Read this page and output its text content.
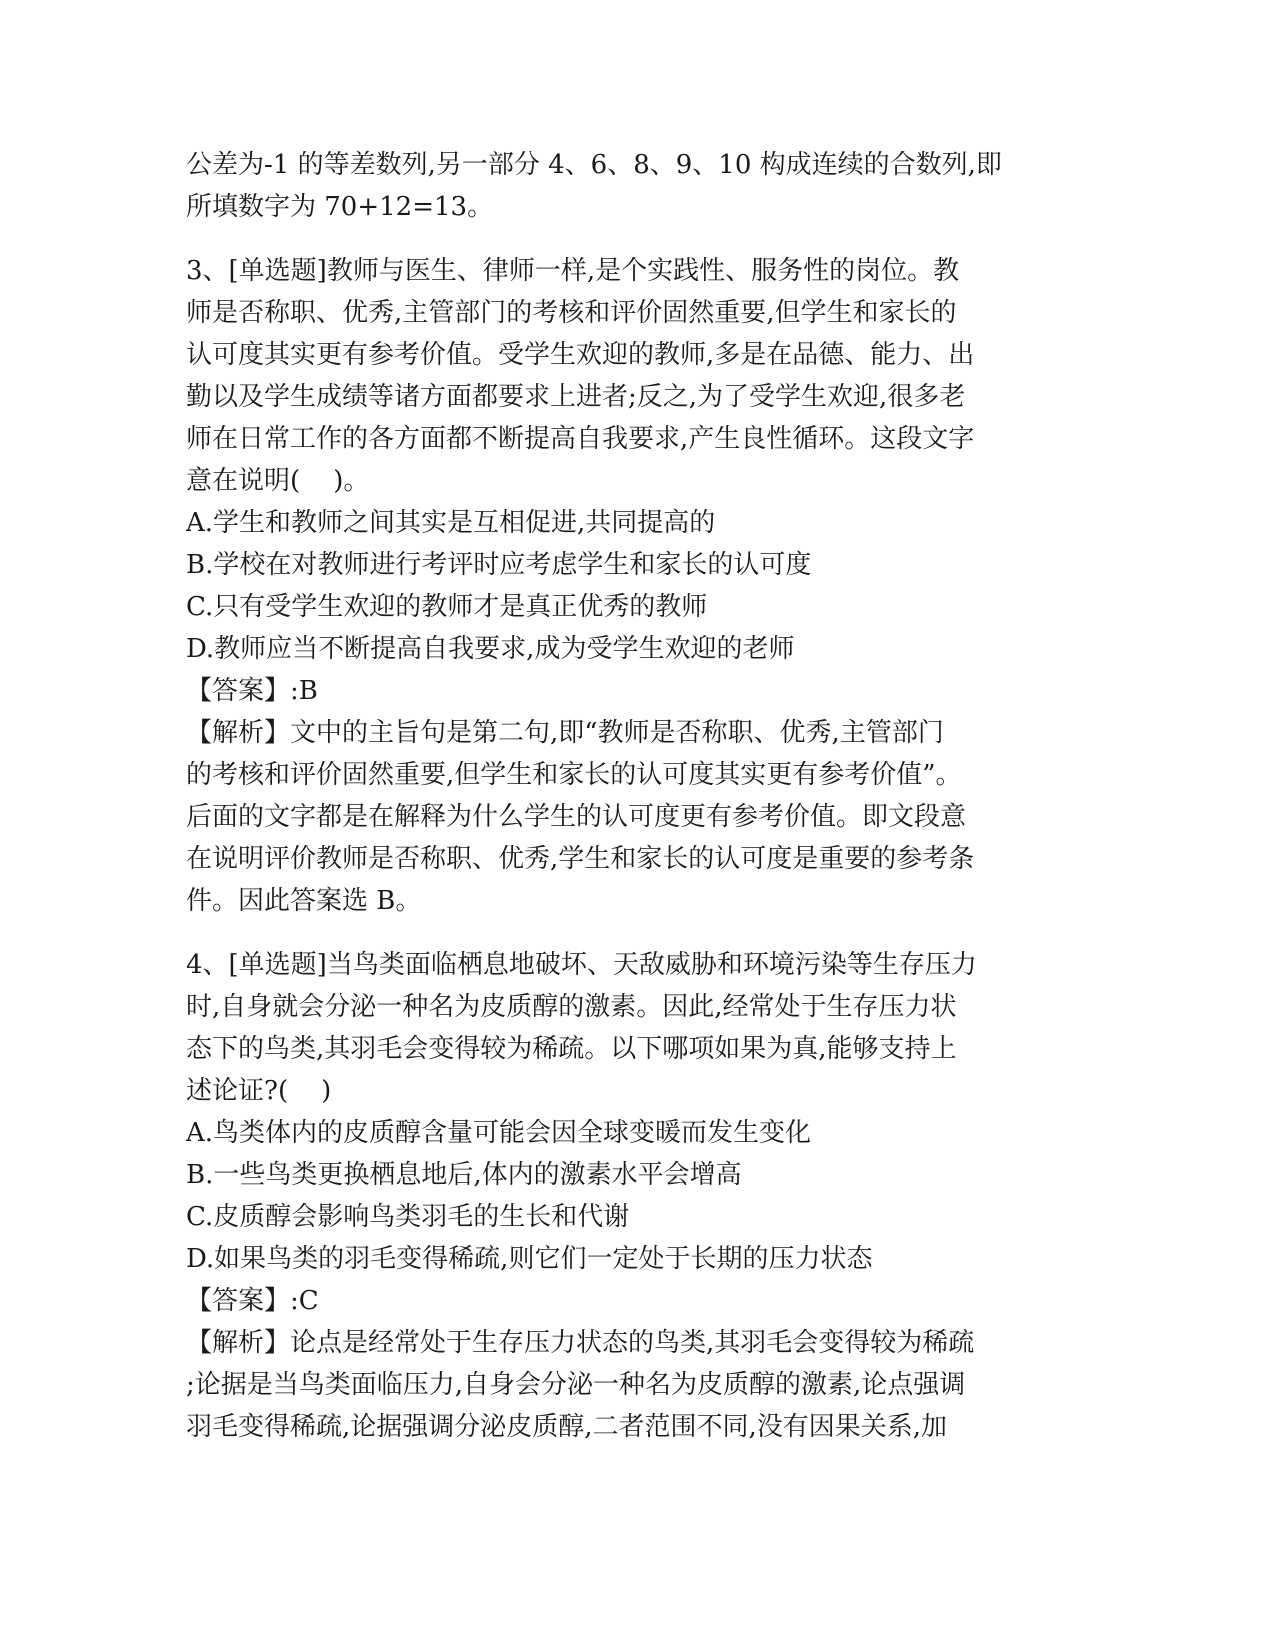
公差为-1 的等差数列,另一部分 4、6、8、9、10 构成连续的合数列,即
所填数字为 70+12=13。
3、[单选题]教师与医生、律师一样,是个实践性、服务性的岗位。教
师是否称职、优秀,主管部门的考核和评价固然重要,但学生和家长的
认可度其实更有参考价值。受学生欢迎的教师,多是在品德、能力、出
勤以及学生成绩等诸方面都要求上进者;反之,为了受学生欢迎,很多老
师在日常工作的各方面都不断提高自我要求,产生良性循环。这段文字
意在说明(    )。
A.学生和教师之间其实是互相促进,共同提高的
B.学校在对教师进行考评时应考虑学生和家长的认可度
C.只有受学生欢迎的教师才是真正优秀的教师
D.教师应当不断提高自我要求,成为受学生欢迎的老师
【答案】:B
【解析】文中的主旨句是第二句,即“教师是否称职、优秀,主管部门
的考核和评价固然重要,但学生和家长的认可度其实更有参考价值”。
后面的文字都是在解释为什么学生的认可度更有参考价值。即文段意
在说明评价教师是否称职、优秀,学生和家长的认可度是重要的参考条
件。因此答案选 B。
4、[单选题]当鸟类面临栖息地破坏、天敌威胁和环境污染等生存压力
时,自身就会分泌一种名为皮质醇的激素。因此,经常处于生存压力状
态下的鸟类,其羽毛会变得较为稀疏。以下哪项如果为真,能够支持上
述论证?(    )
A.鸟类体内的皮质醇含量可能会因全球变暖而发生变化
B.一些鸟类更换栖息地后,体内的激素水平会增高
C.皮质醇会影响鸟类羽毛的生长和代谢
D.如果鸟类的羽毛变得稀疏,则它们一定处于长期的压力状态
【答案】:C
【解析】论点是经常处于生存压力状态的鸟类,其羽毛会变得较为稀疏
;论据是当鸟类面临压力,自身会分泌一种名为皮质醇的激素,论点强调
羽毛变得稀疏,论据强调分泌皮质醇,二者范围不同,没有因果关系,加
